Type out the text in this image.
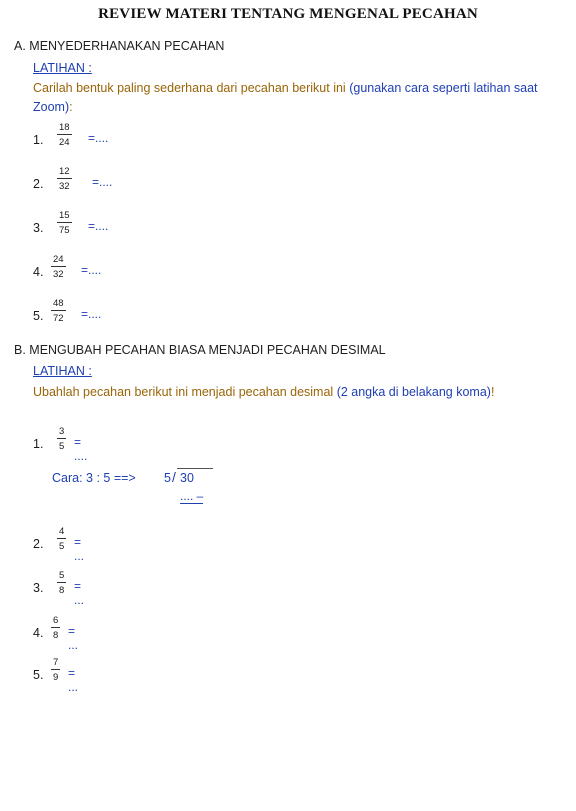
REVIEW MATERI TENTANG MENGENAL PECAHAN
A. MENYEDERHANAKAN PECAHAN
LATIHAN :
Carilah bentuk paling sederhana dari pecahan berikut ini (gunakan cara seperti latihan saat Zoom):
1. $\frac{18}{24}$ =....
2. $\frac{12}{32}$ =....
3. $\frac{15}{75}$ =....
4. $\frac{24}{32}$ =....
5. $\frac{48}{72}$ =....
B. MENGUBAH PECAHAN BIASA MENJADI PECAHAN DESIMAL
LATIHAN :
Ubahlah pecahan berikut ini menjadi pecahan desimal (2 angka di belakang koma)!
1. $\frac{3}{5}$ = ....
Cara: 3 : 5 ==> 5 / 30
.... –
2. $\frac{4}{5}$ = ...
3. $\frac{5}{8}$ = ...
4. $\frac{6}{8}$ = ...
5. $\frac{7}{9}$ = ...
